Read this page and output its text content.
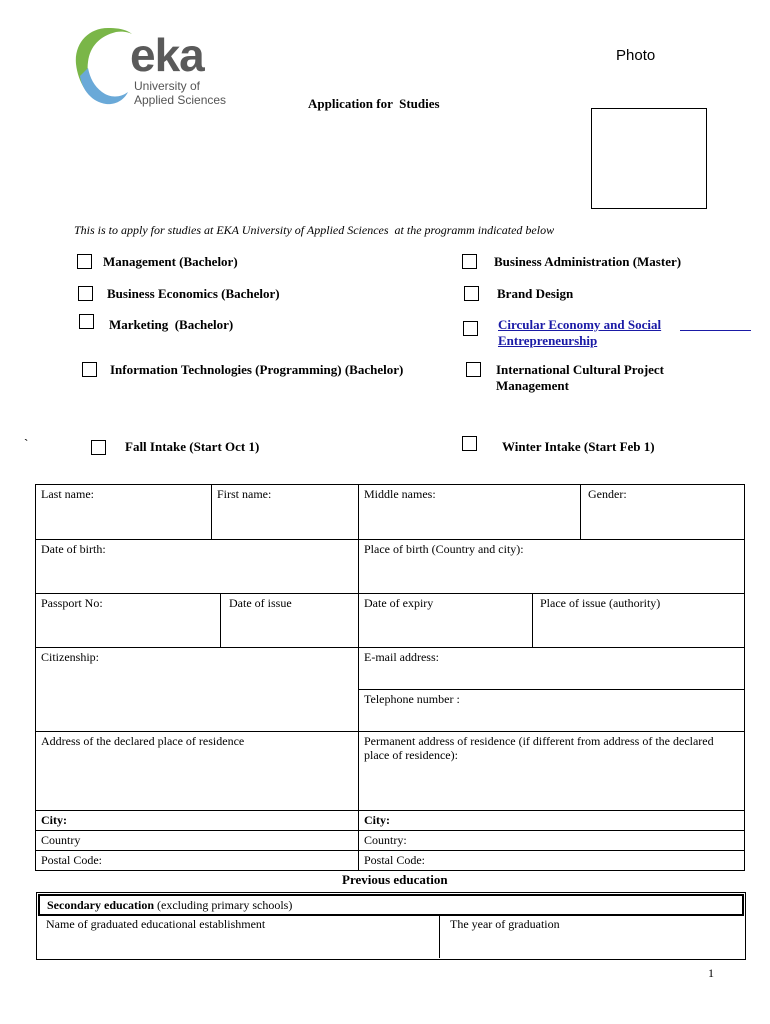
eka
University of
Applied Sciences
Photo
Application for  Studies
This is to apply for studies at EKA University of Applied Sciences  at the programm indicated below
Management (Bachelor)
Business Economics (Bachelor)
Marketing  (Bachelor)
Information Technologies (Programming) (Bachelor)
Business Administration (Master)
Brand Design
Circular Economy and Social Entrepreneurship
International Cultural Project Management
`	Fall Intake (Start Oct 1)	Winter Intake (Start Feb 1)
Last name:	First name:	Middle names:	Gender:
Date of birth:	Place of birth (Country and city):
Passport No:	Date of issue	Date of expiry	Place of issue (authority)
Citizenship:	E-mail address:
Telephone number :
Address of the declared place of residence	Permanent address of residence (if different from address of the declared place of residence):
City:	City:
Country	Country:
Postal Code:	Postal Code:
Previous education
Secondary education (excluding primary schools)
Name of graduated educational establishment	The year of graduation
1
